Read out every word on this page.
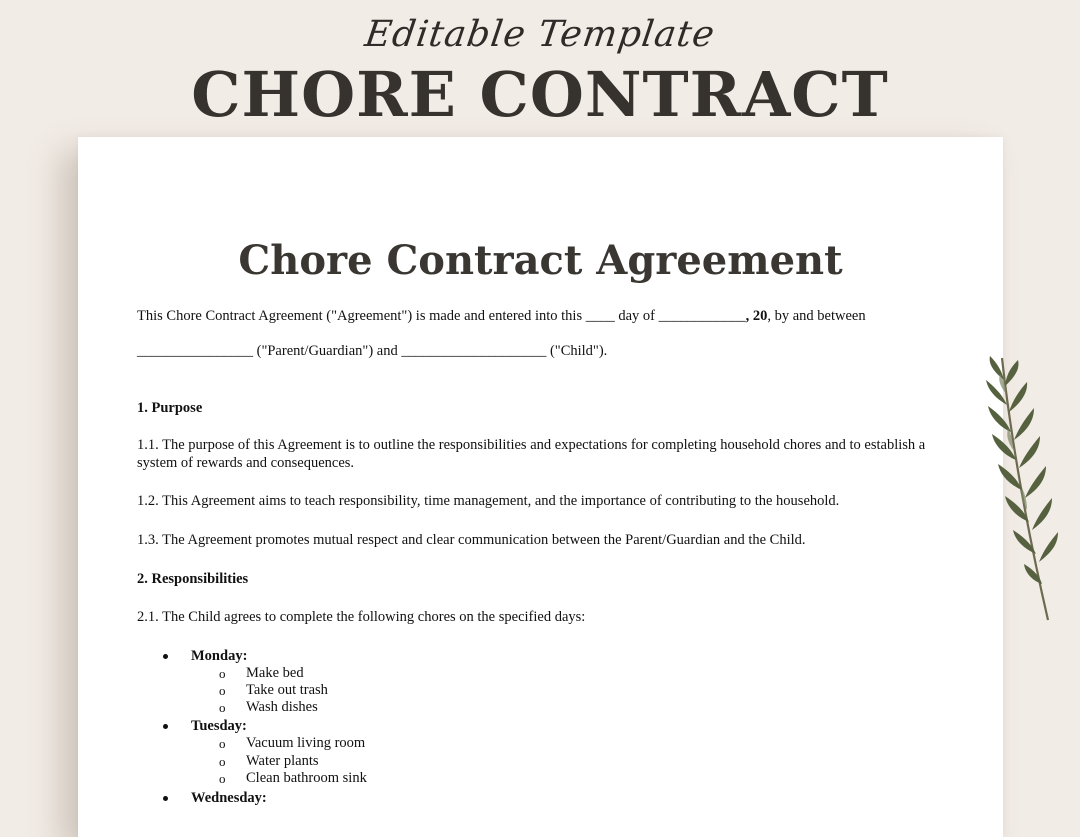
Editable Template
CHORE CONTRACT
Chore Contract Agreement
This Chore Contract Agreement ("Agreement") is made and entered into this ____ day of ____________, 20, by and between
________________ ("Parent/Guardian") and ____________________ ("Child").
1. Purpose
1.1. The purpose of this Agreement is to outline the responsibilities and expectations for completing household chores and to establish a system of rewards and consequences.
1.2. This Agreement aims to teach responsibility, time management, and the importance of contributing to the household.
1.3. The Agreement promotes mutual respect and clear communication between the Parent/Guardian and the Child.
2. Responsibilities
2.1. The Child agrees to complete the following chores on the specified days:
Monday:
o Make bed
o Take out trash
o Wash dishes
Tuesday:
o Vacuum living room
o Water plants
o Clean bathroom sink
Wednesday:
